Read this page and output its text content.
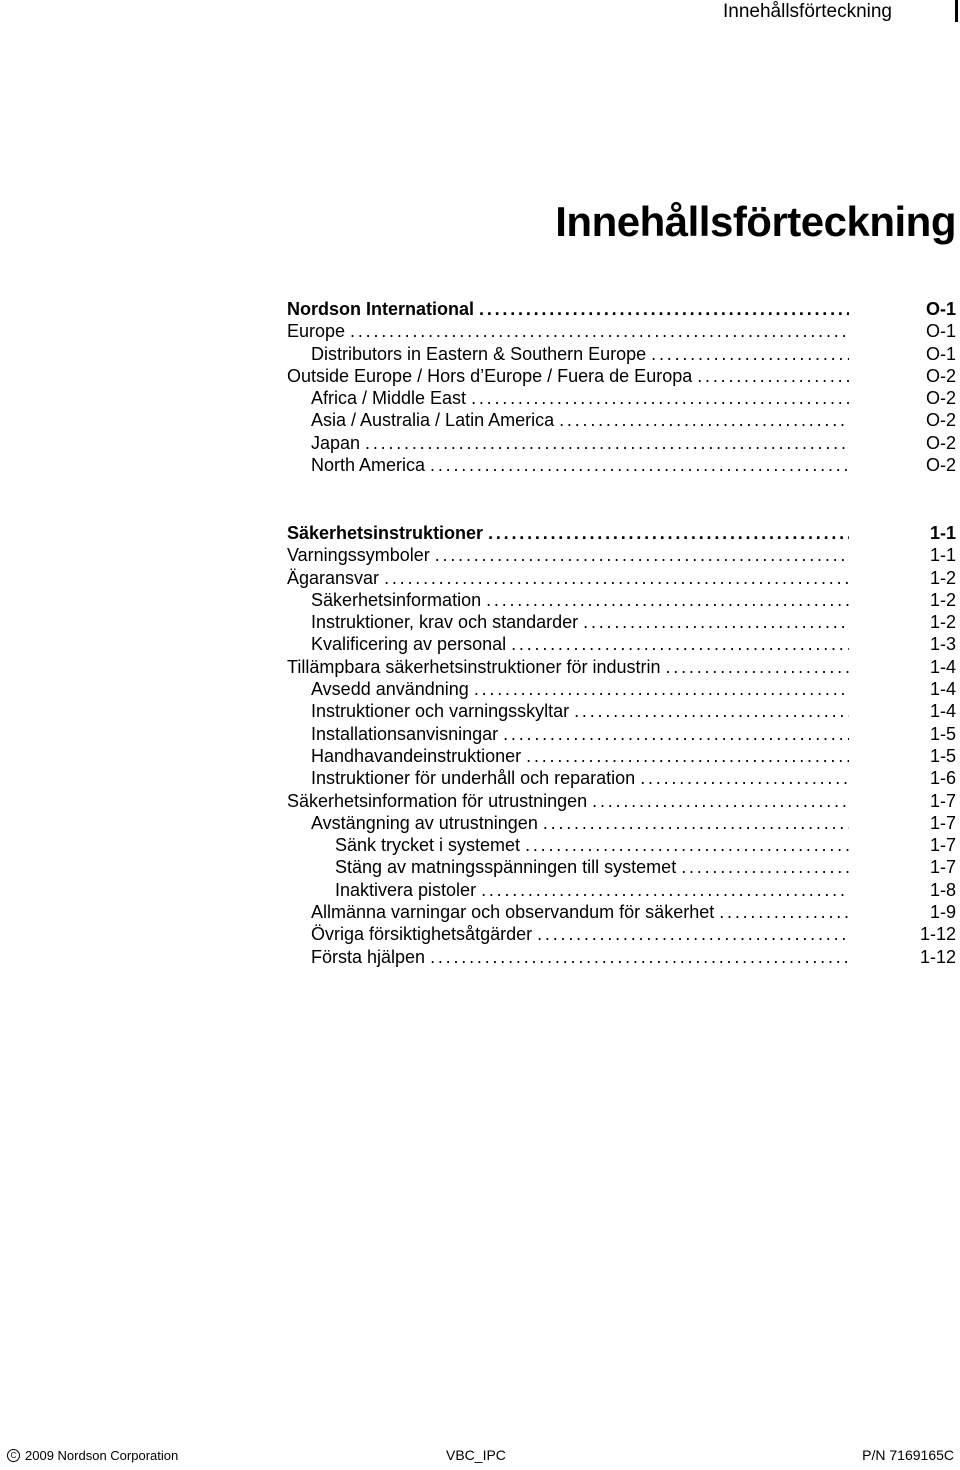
Innehållsförteckning
Innehållsförteckning
Nordson International . . .	O-1
Europe . . .	O-1
Distributors in Eastern & Southern Europe . . .	O-1
Outside Europe / Hors d’Europe / Fuera de Europa . . .	O-2
Africa / Middle East . . .	O-2
Asia / Australia / Latin America . . .	O-2
Japan . . .	O-2
North America . . .	O-2
Säkerhetsinstruktioner . . .	1-1
Varningssymboler . . .	1-1
Ägaransvar . . .	1-2
Säkerhetsinformation . . .	1-2
Instruktioner, krav och standarder . . .	1-2
Kvalificering av personal . . .	1-3
Tillämpbara säkerhetsinstruktioner för industrin . . .	1-4
Avsedd användning . . .	1-4
Instruktioner och varningsskyltar . . .	1-4
Installationsanvisningar . . .	1-5
Handhavandeinstruktioner . . .	1-5
Instruktioner för underhåll och reparation . . .	1-6
Säkerhetsinformation för utrustningen . . .	1-7
Avstängning av utrustningen . . .	1-7
Sänk trycket i systemet . . .	1-7
Stäng av matningsspänningen till systemet . . .	1-7
Inaktivera pistoler . . .	1-8
Allmänna varningar och observandum för säkerhet . . .	1-9
Övriga försiktighetsåtgärder . . .	1-12
Första hjälpen . . .	1-12
C 2009 Nordson Corporation	VBC_IPC	P/N 7169165C
